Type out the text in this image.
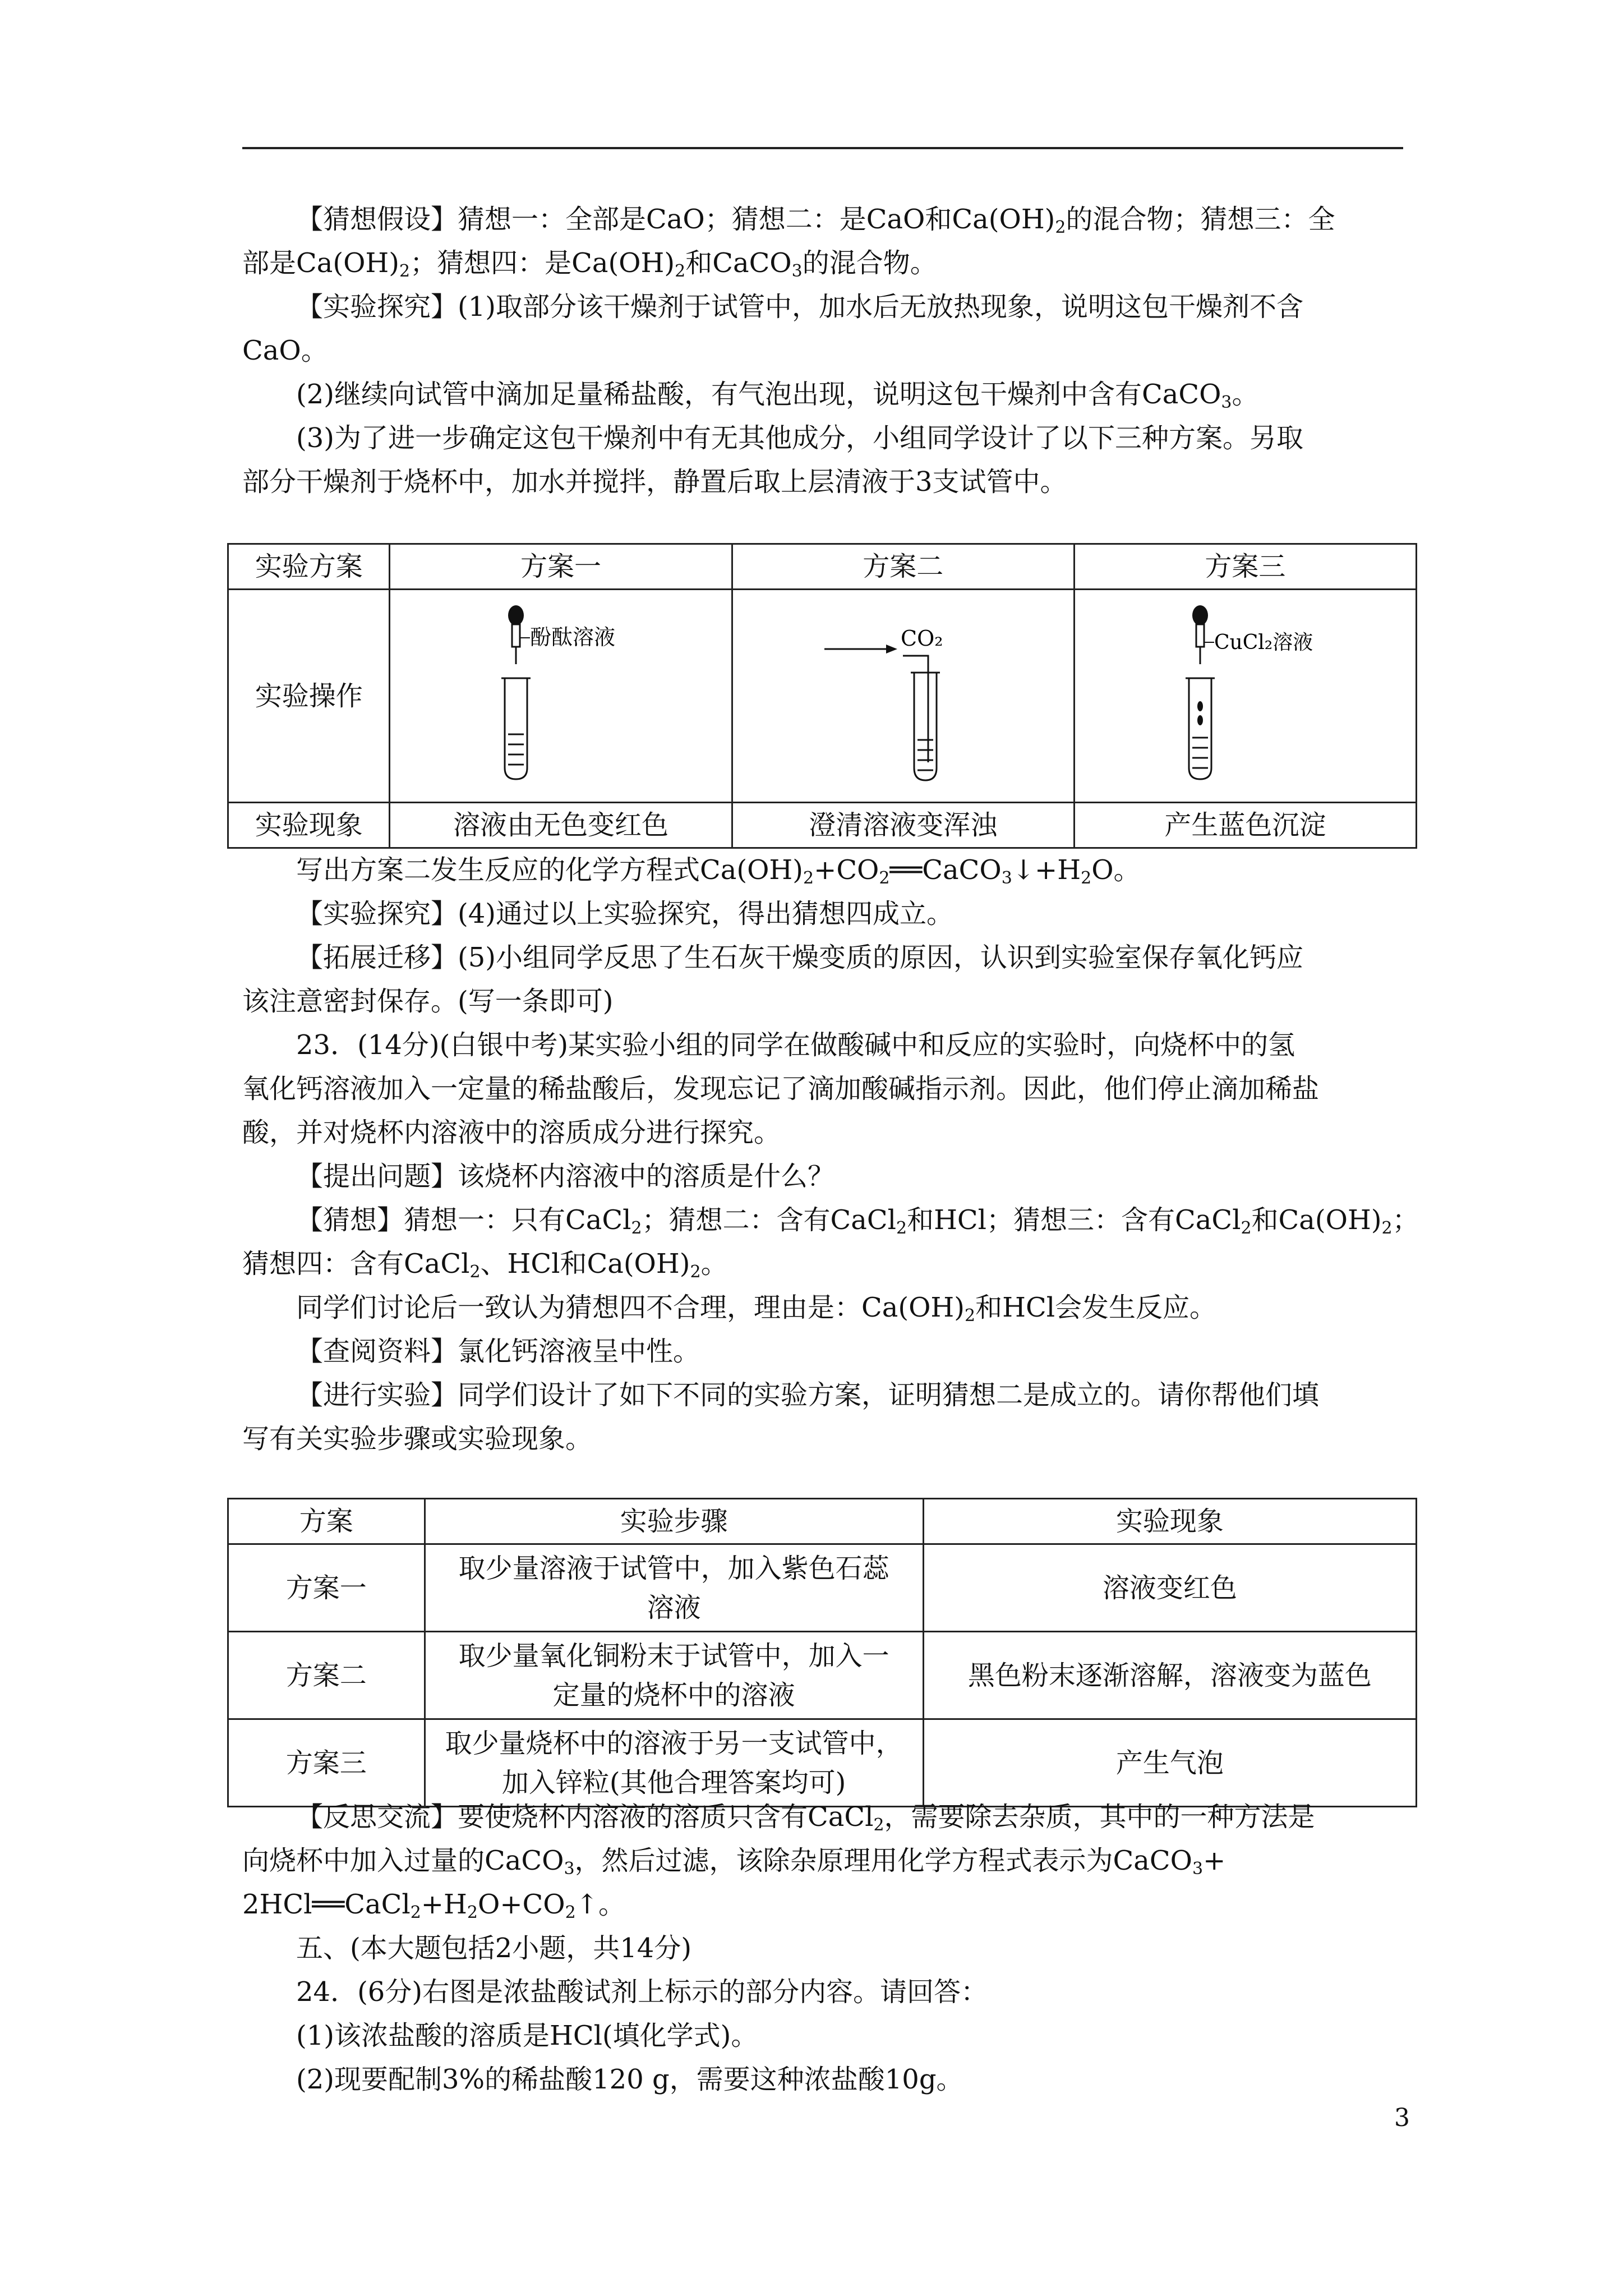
【猜想假设】猜想一：全部是CaO；猜想二：是CaO和$Ca(OH)_2$的混合物；猜想三：全
部是$Ca(OH)_2$；猜想四：是$Ca(OH)_2$和CaCO$_3$的混合物。
【实验探究】(1)取部分该干燥剂于试管中，加水后无放热现象，说明这包干燥剂不含
CaO。
(2)继续向试管中滴加足量稀盐酸，有气泡出现，说明这包干燥剂中含有CaCO$_3$。
(3)为了进一步确定这包干燥剂中有无其他成分，小组同学设计了以下三种方案。另取
部分干燥剂于烧杯中，加水并搅拌，静置后取上层清液于3支试管中。
实验方案	方案一	方案二	方案三
实验操作	酚酞溶液	CO₂	CuCl₂溶液

实验现象	溶液由无色变红色	澄清溶液变浑浊	产生蓝色沉淀
写出方案二发生反应的化学方程式$Ca(OH)_2+CO_2══CaCO_3↓+H_2O$。
【实验探究】(4)通过以上实验探究，得出猜想四成立。
【拓展迁移】(5)小组同学反思了生石灰干燥变质的原因，认识到实验室保存氧化钙应
该注意密封保存。(写一条即可)
23．(14分)(白银中考)某实验小组的同学在做酸碱中和反应的实验时，向烧杯中的氢
氧化钙溶液加入一定量的稀盐酸后，发现忘记了滴加酸碱指示剂。因此，他们停止滴加稀盐
酸，并对烧杯内溶液中的溶质成分进行探究。
【提出问题】该烧杯内溶液中的溶质是什么？
【猜想】猜想一：只有CaCl$_2$；猜想二：含有CaCl$_2$和HCl；猜想三：含有CaCl$_2$和$Ca(OH)_2$；
猜想四：含有CaCl$_2$、HCl和$Ca(OH)_2$。
同学们讨论后一致认为猜想四不合理，理由是：$Ca(OH)_2$和HCl会发生反应。
【查阅资料】氯化钙溶液呈中性。
【进行实验】同学们设计了如下不同的实验方案，证明猜想二是成立的。请你帮他们填
写有关实验步骤或实验现象。
方案	实验步骤	实验现象
方案一	取少量溶液于试管中，加入紫色石蕊
溶液	溶液变红色
方案二	取少量氧化铜粉末于试管中，加入一
定量的烧杯中的溶液	黑色粉末逐渐溶解，溶液变为蓝色
方案三	取少量烧杯中的溶液于另一支试管中，
加入锌粒(其他合理答案均可)	产生气泡
【反思交流】要使烧杯内溶液的溶质只含有CaCl$_2$，需要除去杂质，其中的一种方法是
向烧杯中加入过量的CaCO$_3$，然后过滤，该除杂原理用化学方程式表示为CaCO$_3$+
$2HCl══CaCl_2+H_2O+CO_2↑$。
五、(本大题包括2小题，共14分)
24．(6分)右图是浓盐酸试剂上标示的部分内容。请回答：
(1)该浓盐酸的溶质是HCl(填化学式)。
(2)现要配制3%的稀盐酸120 g，需要这种浓盐酸10g。
3
